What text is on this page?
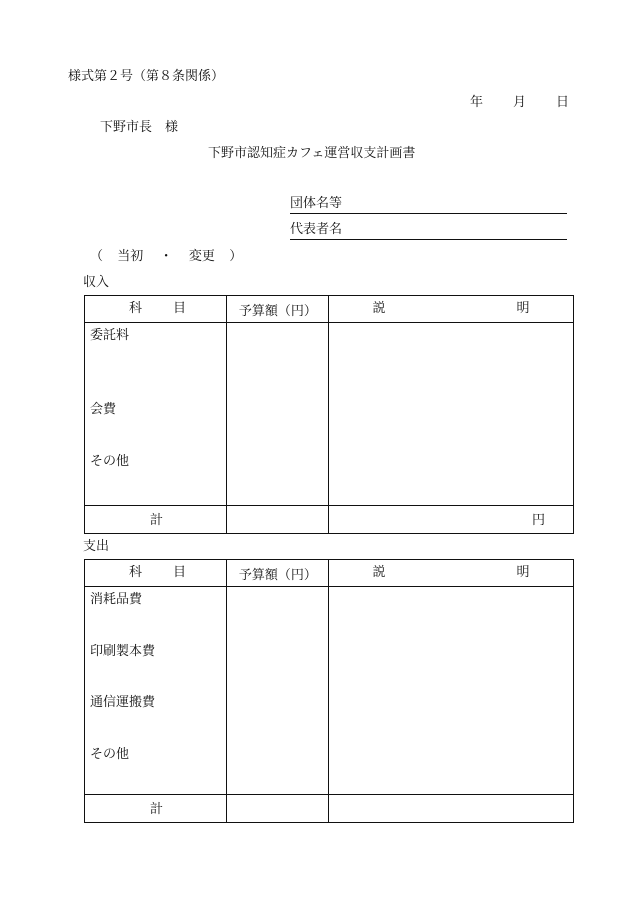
様式第２号（第８条関係）
年 月 日
下野市長　様
下野市認知症カフェ運営収支計画書
団体名等
代表者名
（ 当初 ・ 変更 ）
収入
科 目	予算額（円）	説 明

委託料
会費
その他		

計		円
支出
科 目	予算額（円）	説 明

消耗品費
印刷製本費
通信運搬費
その他		

計		
